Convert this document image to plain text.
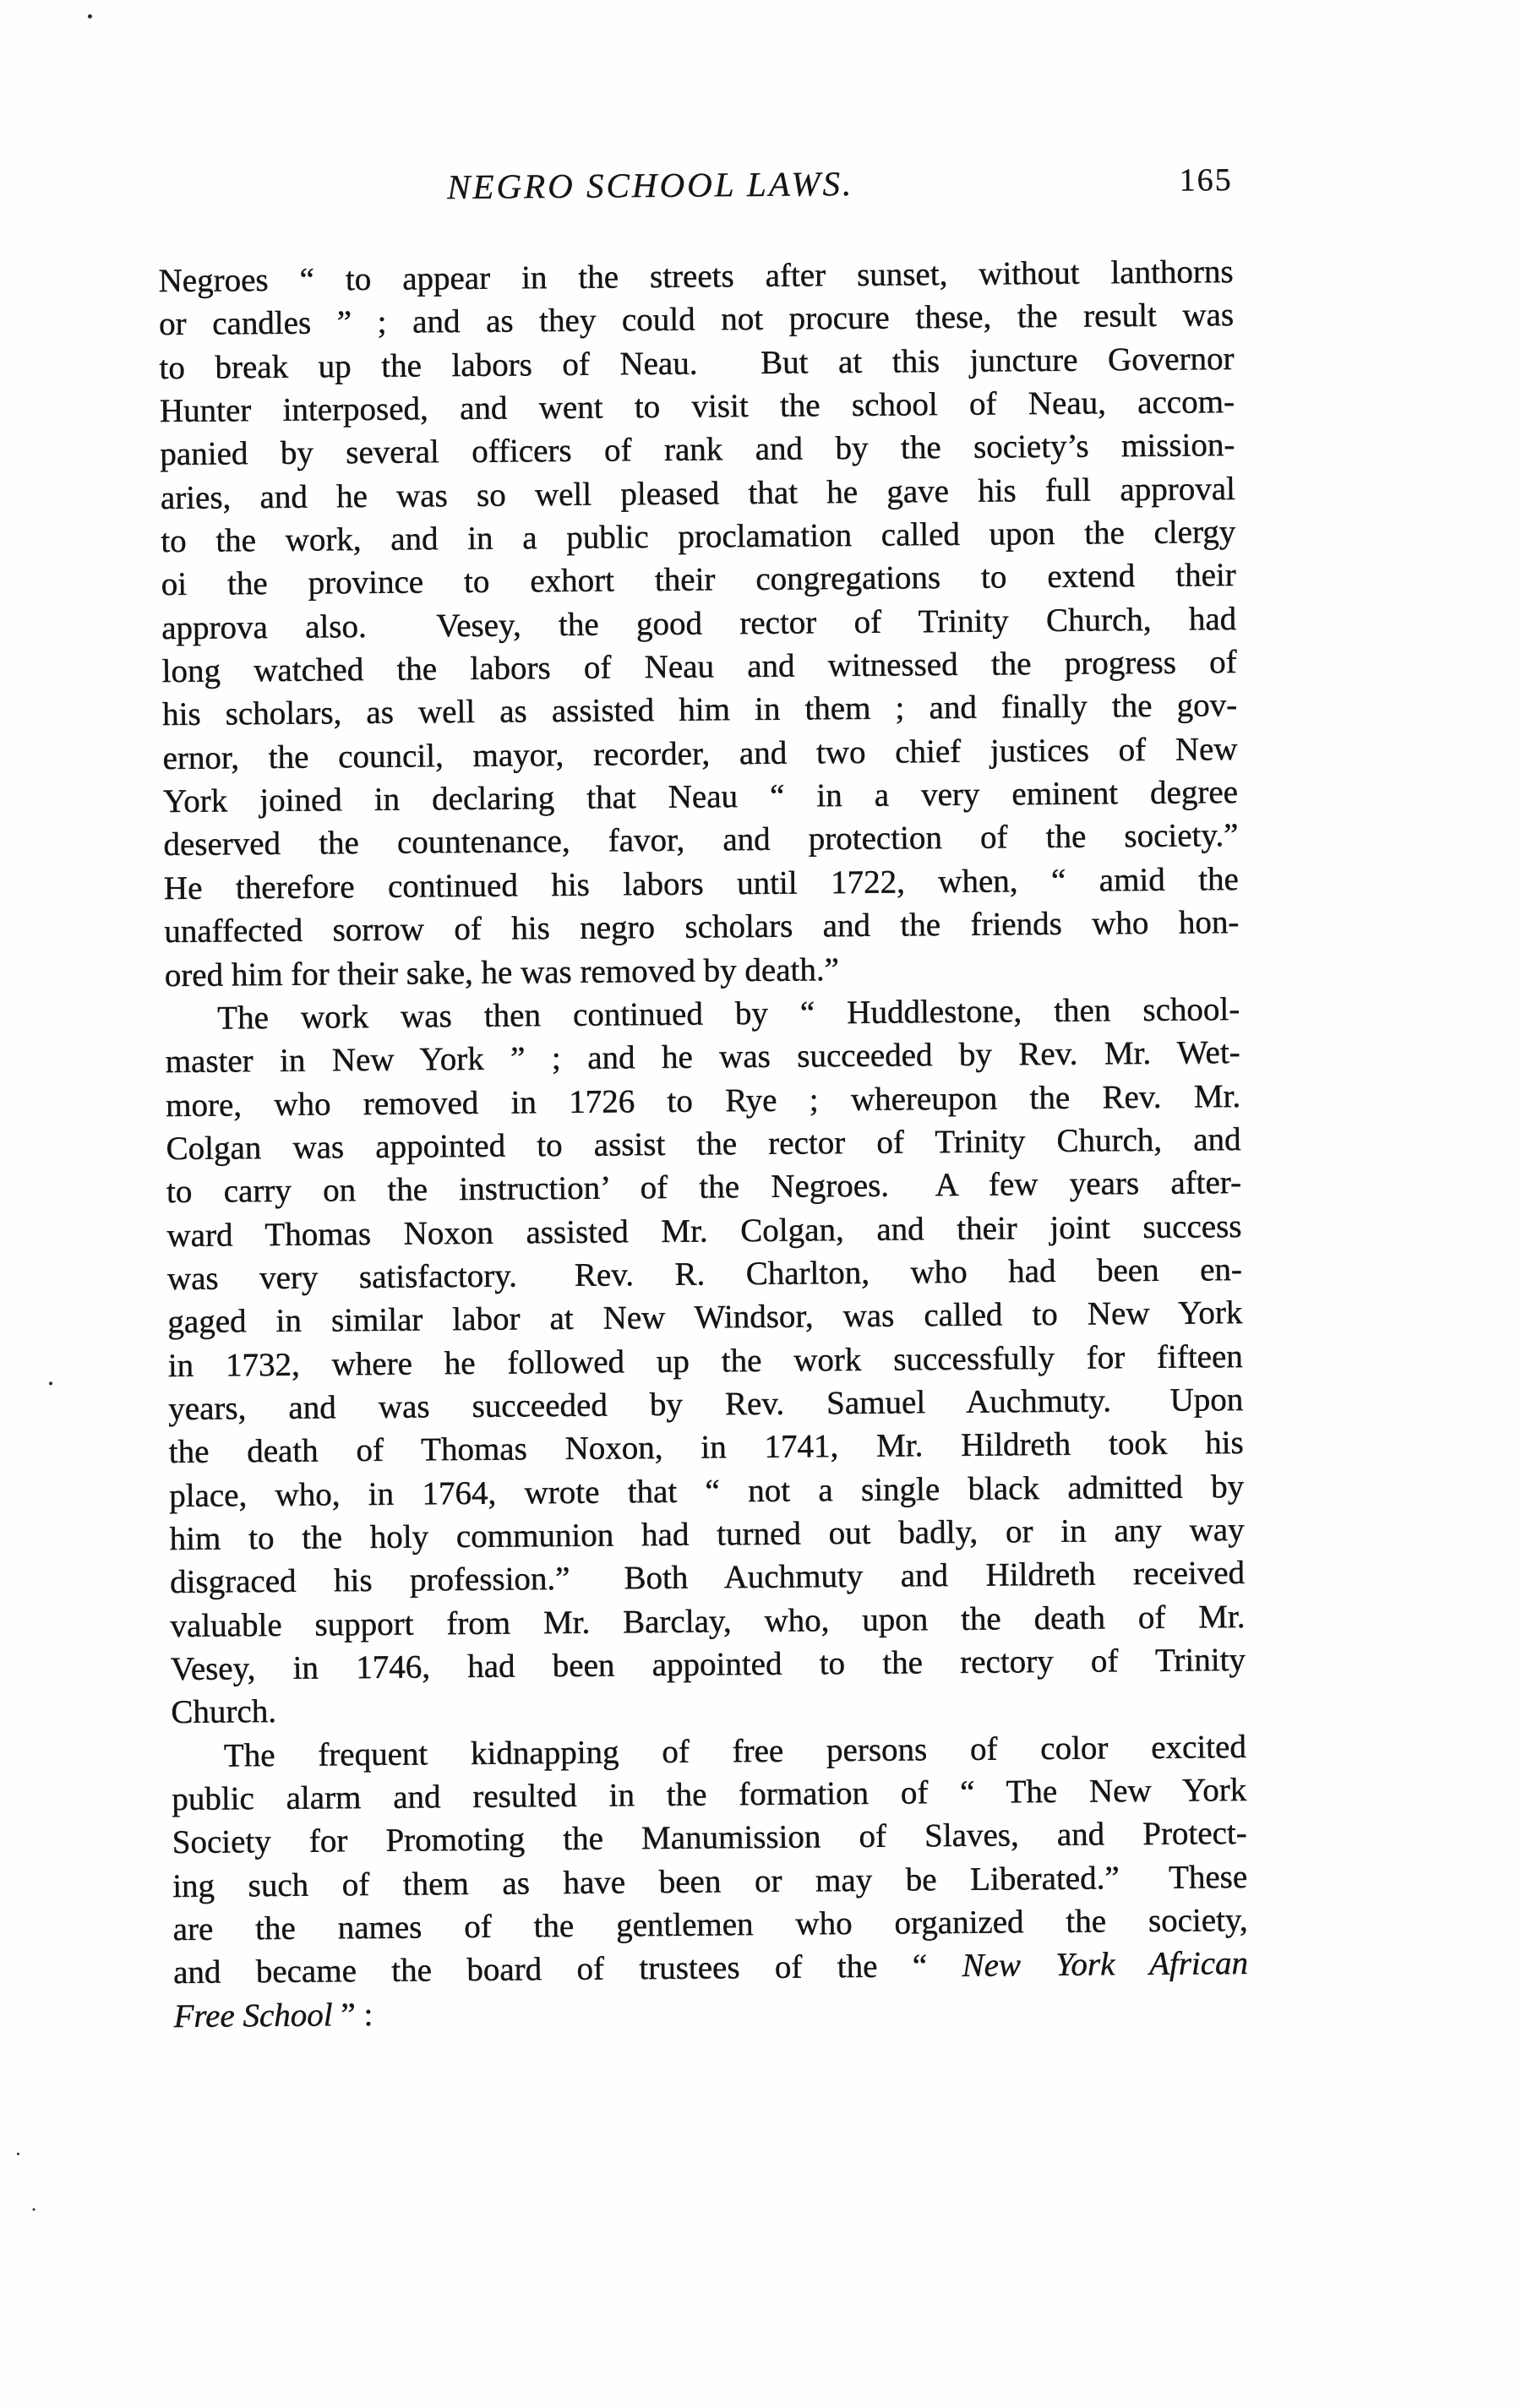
NEGRO SCHOOL LAWS.	165
Negroes “ to appear in the streets after sunset, without lanthorns
or candles ” ; and as they could not procure these, the result was
to break up the labors of Neau.  But at this juncture Governor
Hunter interposed, and went to visit the school of Neau, accom-
panied by several officers of rank and by the society’s mission-
aries, and he was so well pleased that he gave his full approval
to the work, and in a public proclamation called upon the clergy
oi the province to exhort their congregations to extend their
approva also.  Vesey, the good rector of Trinity Church, had
long watched the labors of Neau and witnessed the progress of
his scholars, as well as assisted him in them ; and finally the gov-
ernor, the council, mayor, recorder, and two chief justices of New
York joined in declaring that Neau “ in a very eminent degree
deserved the countenance, favor, and protection of the society.”
He therefore continued his labors until 1722, when, “ amid the
unaffected sorrow of his negro scholars and the friends who hon-
ored him for their sake, he was removed by death.”
The work was then continued by “ Huddlestone, then school-
master in New York ” ; and he was succeeded by Rev. Mr. Wet-
more, who removed in 1726 to Rye ; whereupon the Rev. Mr.
Colgan was appointed to assist the rector of Trinity Church, and
to carry on the instruction’ of the Negroes.  A few years after-
ward Thomas Noxon assisted Mr. Colgan, and their joint success
was very satisfactory.  Rev. R. Charlton, who had been en-
gaged in similar labor at New Windsor, was called to New York
in 1732, where he followed up the work successfully for fifteen
years, and was succeeded by Rev. Samuel Auchmuty.  Upon
the death of Thomas Noxon, in 1741, Mr. Hildreth took his
place, who, in 1764, wrote that “ not a single black admitted by
him to the holy communion had turned out badly, or in any way
disgraced his profession.”  Both Auchmuty and Hildreth received
valuable support from Mr. Barclay, who, upon the death of Mr.
Vesey, in 1746, had been appointed to the rectory of Trinity
Church.
The frequent kidnapping of free persons of color excited
public alarm and resulted in the formation of “ The New York
Society for Promoting the Manumission of Slaves, and Protect-
ing such of them as have been or may be Liberated.”  These
are the names of the gentlemen who organized the society,
and became the board of trustees of the “ New York African
Free School ” :
